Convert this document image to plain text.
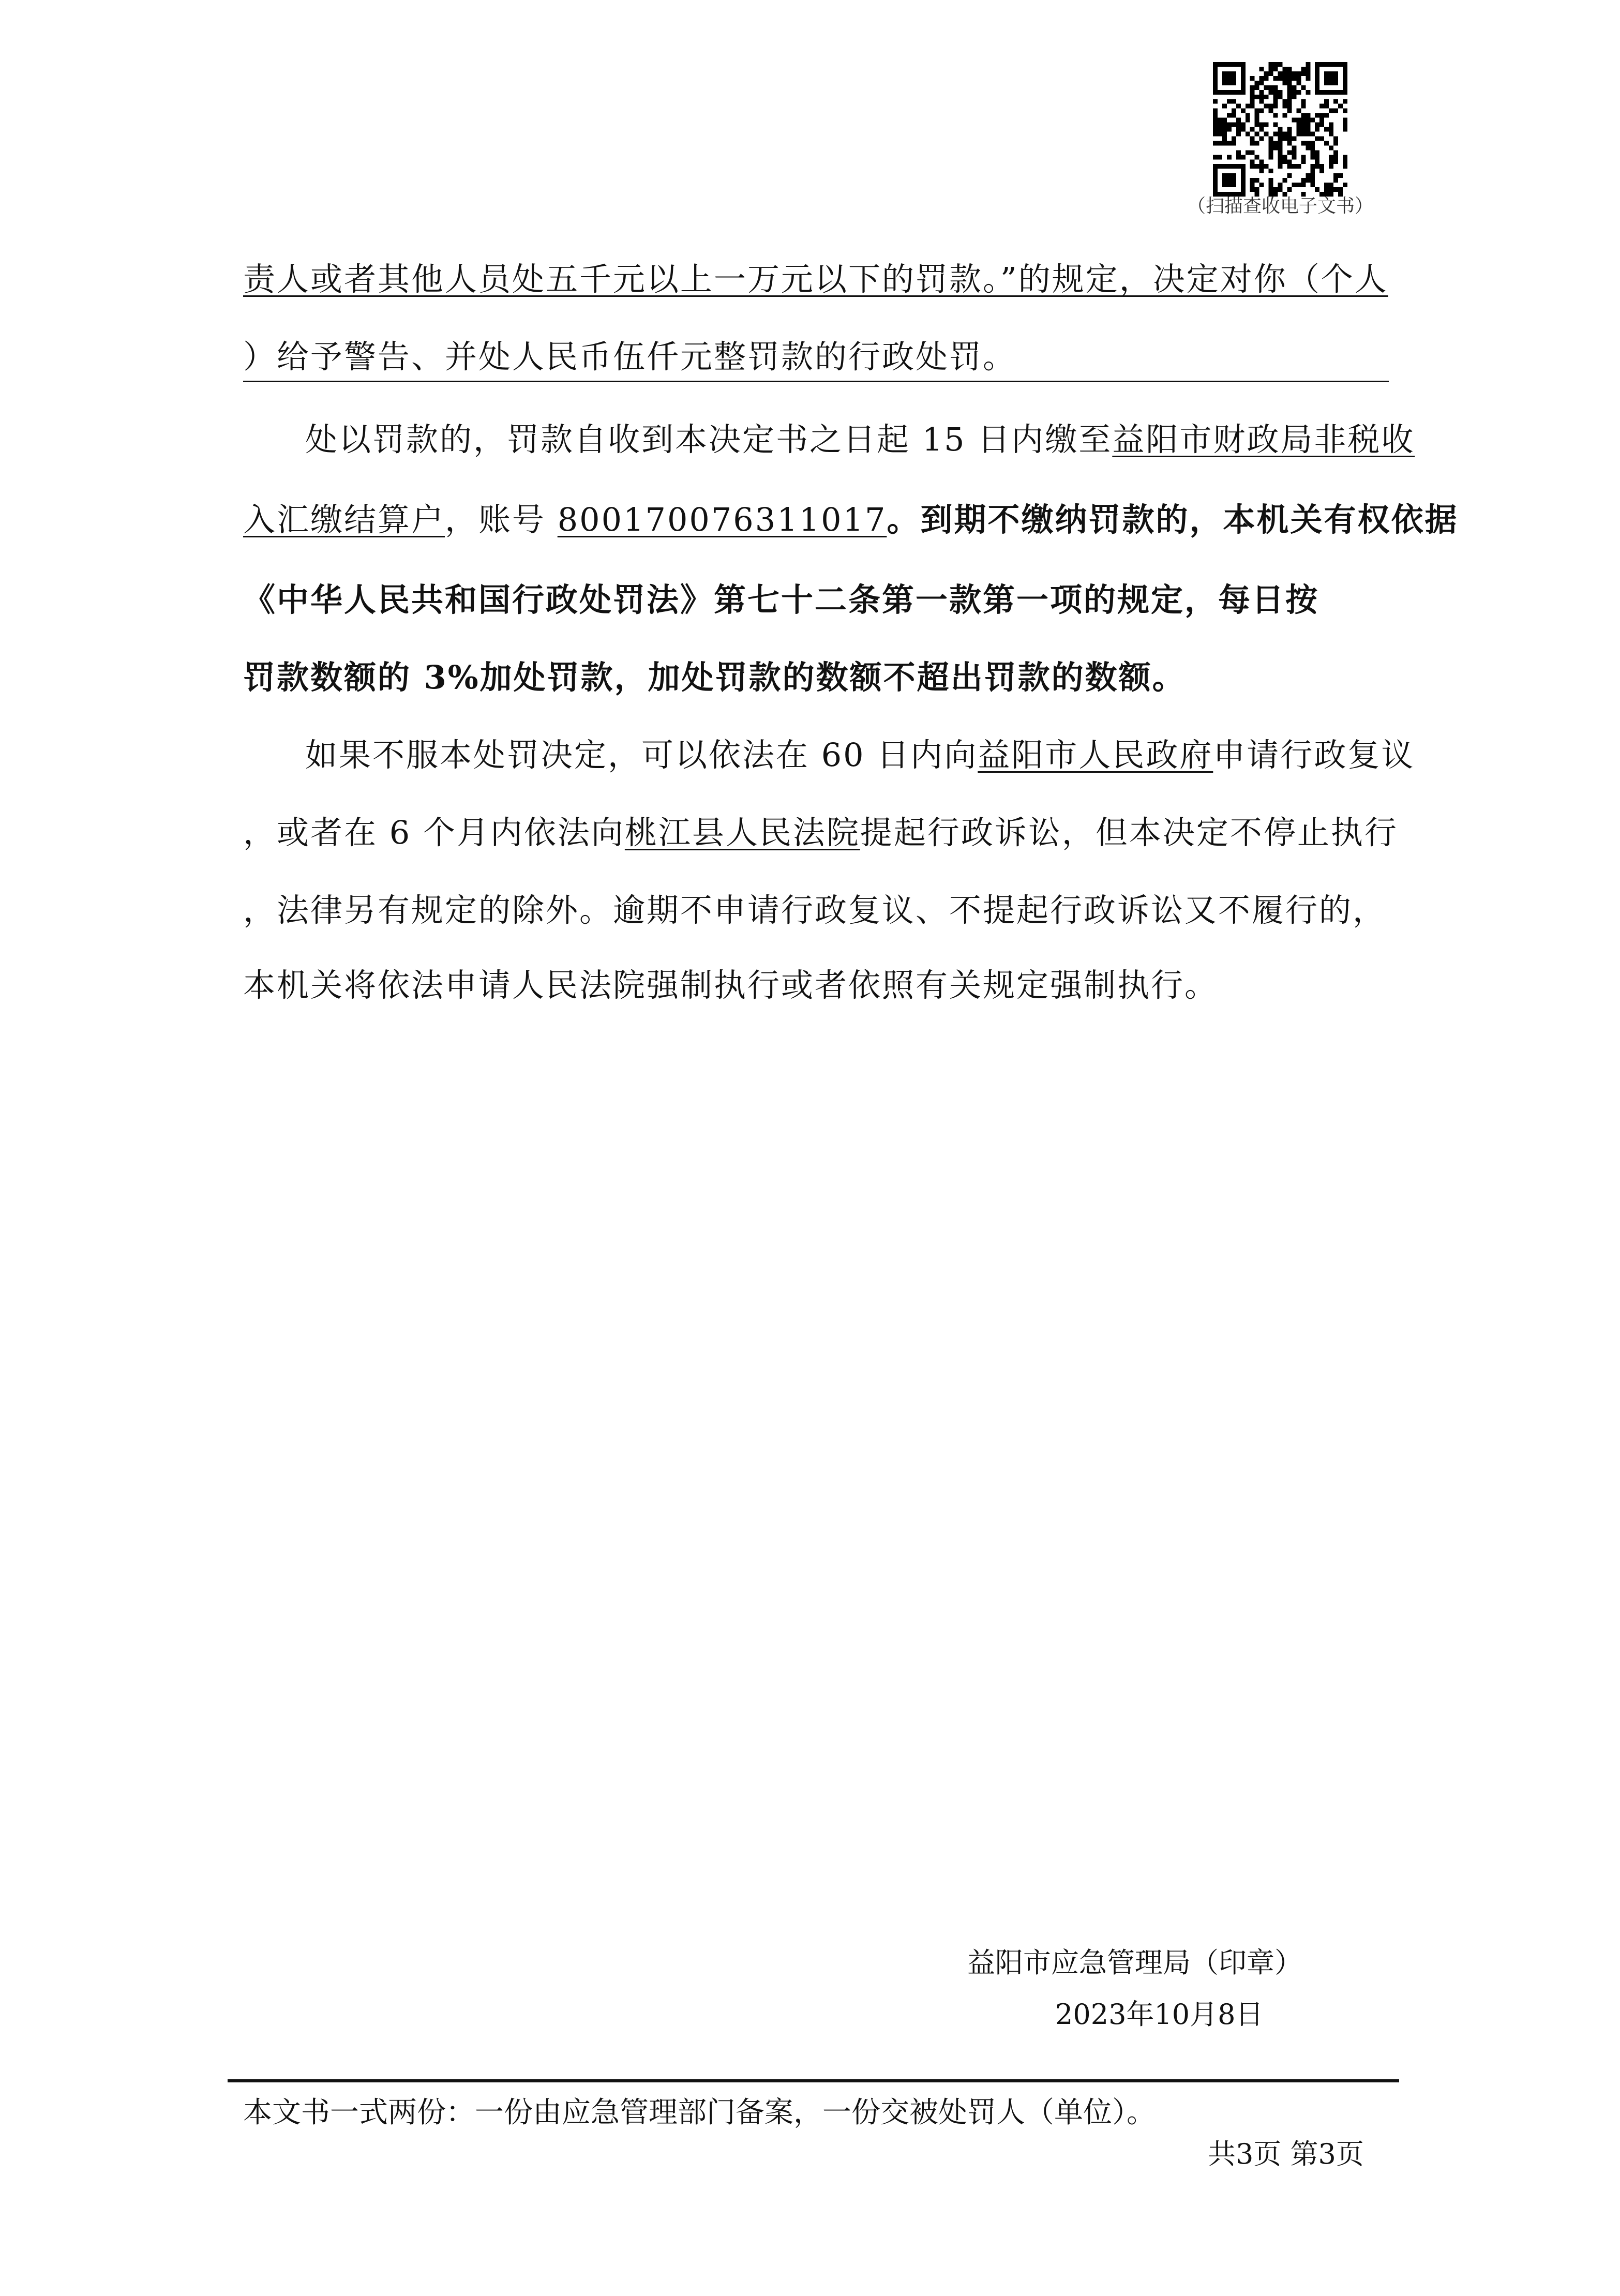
（扫描查收电子文书）
责人或者其他人员处五千元以上一万元以下的罚款。”的规定，决定对你（个人
）给予警告、并处人民币伍仟元整罚款的行政处罚。
处以罚款的，罚款自收到本决定书之日起 15 日内缴至益阳市财政局非税收
入汇缴结算户，账号 800170076311017。到期不缴纳罚款的，本机关有权依据
《中华人民共和国行政处罚法》第七十二条第一款第一项的规定，每日按
罚款数额的 3%加处罚款，加处罚款的数额不超出罚款的数额。
如果不服本处罚决定，可以依法在 60 日内向益阳市人民政府申请行政复议
，或者在 6 个月内依法向桃江县人民法院提起行政诉讼，但本决定不停止执行
，法律另有规定的除外。逾期不申请行政复议、不提起行政诉讼又不履行的，
本机关将依法申请人民法院强制执行或者依照有关规定强制执行。
益阳市应急管理局（印章）
2023年10月8日
本文书一式两份：一份由应急管理部门备案，一份交被处罚人（单位）。
共3页 第3页
